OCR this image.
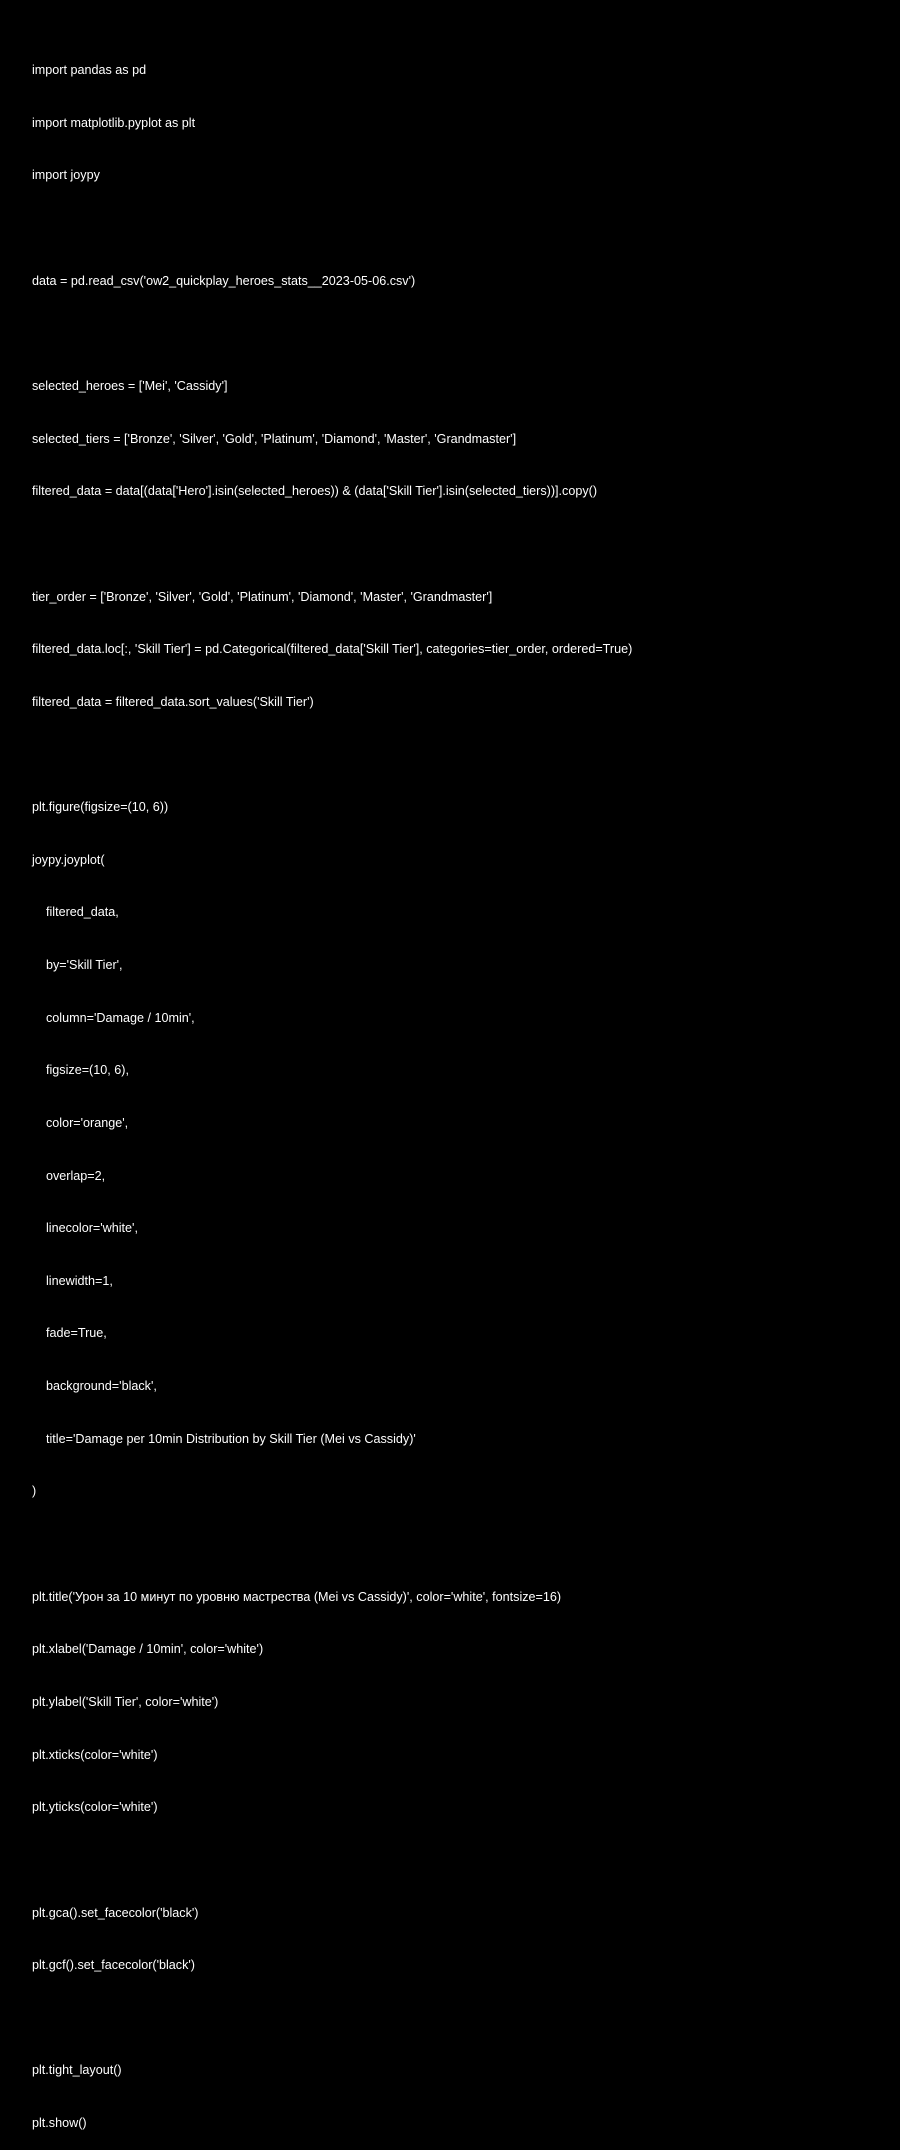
import pandas as pd

import matplotlib.pyplot as plt

import joypy

data = pd.read_csv('ow2_quickplay_heroes_stats__2023-05-06.csv')

selected_heroes = ['Mei', 'Cassidy']

selected_tiers = ['Bronze', 'Silver', 'Gold', 'Platinum', 'Diamond', 'Master', 'Grandmaster']

filtered_data = data[(data['Hero'].isin(selected_heroes)) & (data['Skill Tier'].isin(selected_tiers))].copy()

tier_order = ['Bronze', 'Silver', 'Gold', 'Platinum', 'Diamond', 'Master', 'Grandmaster']

filtered_data.loc[:, 'Skill Tier'] = pd.Categorical(filtered_data['Skill Tier'], categories=tier_order, ordered=True)

filtered_data = filtered_data.sort_values('Skill Tier')

plt.figure(figsize=(10, 6))

joypy.joyplot(

filtered_data,

by='Skill Tier',

column='Damage / 10min',

figsize=(10, 6),

color='orange',

overlap=2,

linecolor='white',

linewidth=1,

fade=True,

background='black',

title='Damage per 10min Distribution by Skill Tier (Mei vs Cassidy)'

)

plt.title('Урон за 10 минут по уровню мастрества (Mei vs Cassidy)', color='white', fontsize=16)

plt.xlabel('Damage / 10min', color='white')

plt.ylabel('Skill Tier', color='white')

plt.xticks(color='white')

plt.yticks(color='white')

plt.gca().set_facecolor('black')

plt.gcf().set_facecolor('black')

plt.tight_layout()

plt.show()
